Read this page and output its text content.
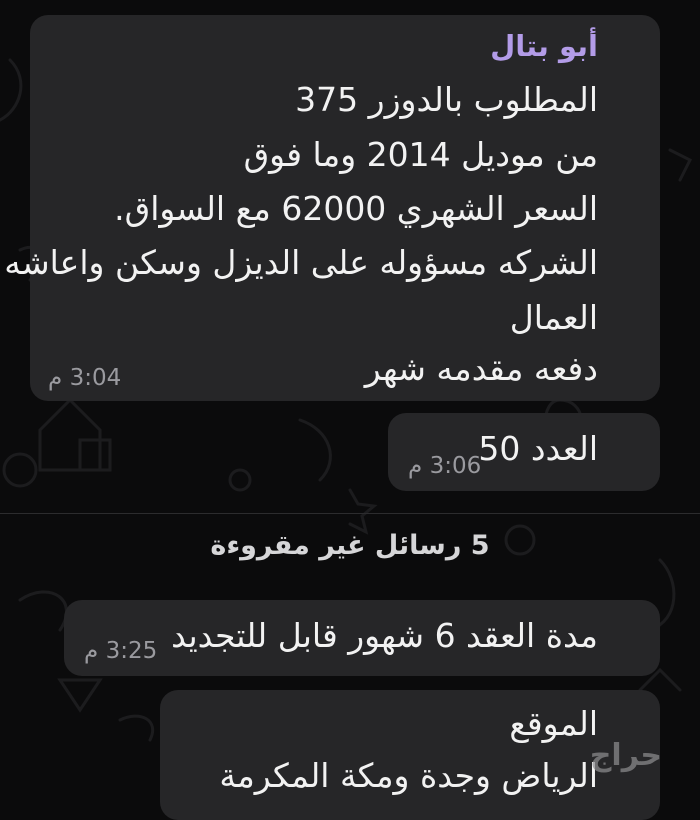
أبو بتال
المطلوب بالدوزر 375
من موديل 2014 وما فوق
السعر الشهري 62000 مع السواق.
الشركه مسؤوله على الديزل وسكن واعاشه
العمال
دفعه مقدمه شهر
3:04 م
العدد 50
3:06 م
5 رسائل غير مقروءة
مدة العقد 6 شهور قابل للتجديد
3:25 م
الموقع
الرياض وجدة ومكة المكرمة
حراج
